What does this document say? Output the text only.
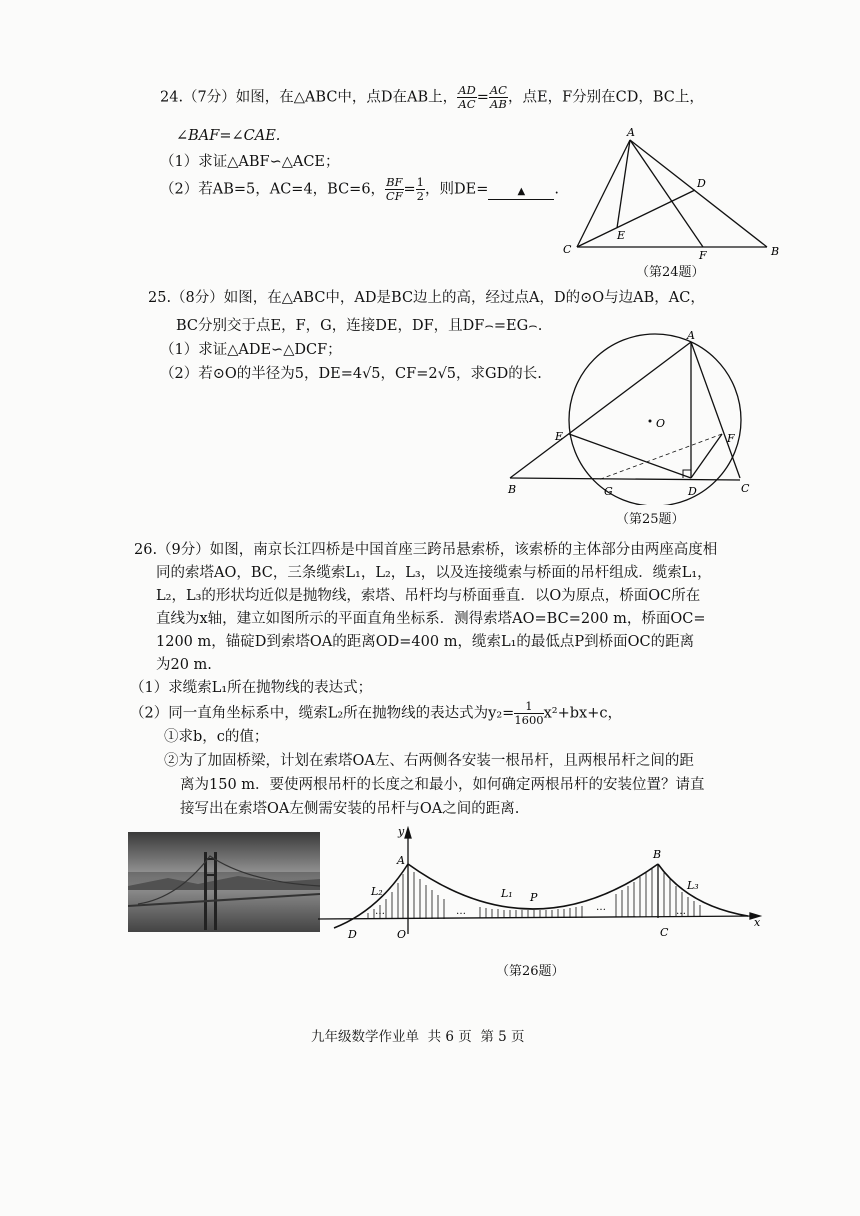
24.（7分）如图，在△ABC中，点D在AB上， $\frac{AD}{AC} = \frac{AC}{AB}$ ，点E，F分别在CD，BC上，
∠BAF=∠CAE.
（1）求证△ABF∽△ACE；
（2）若AB=5，AC=4，BC=6， $\frac{BF}{CF} = \frac{1}{2}$ ，则DE=	▲ .
A
B
C
D
E
F
（第24题）
25.（8分）如图，在△ABC中，AD是BC边上的高，经过点A，D的⊙O与边AB，AC，
BC分别交于点E，F，G，连接DE，DF，且DF⌢=EG⌢.
（1）求证△ADE∽△DCF；
（2）若⊙O的半径为5，DE=4√5，CF=2√5，求GD的长.
A
B	C
D
E	F
G
O
（第25题）
26.（9分）如图，南京长江四桥是中国首座三跨吊悬索桥，该索桥的主体部分由两座高度相
同的索塔AO，BC，三条缆索L₁，L₂，L₃，以及连接缆索与桥面的吊杆组成．缆索L₁，
L₂，L₃的形状均近似是抛物线，索塔、吊杆均与桥面垂直．以O为原点，桥面OC所在
直线为x轴，建立如图所示的平面直角坐标系．测得索塔AO=BC=200 m，桥面OC=
1200 m，锚碇D到索塔OA的距离OD=400 m，缆索L₁的最低点P到桥面OC的距离
为20 m.
（1）求缆索L₁所在抛物线的表达式；
（2）同一直角坐标系中，缆索L₂所在抛物线的表达式为$y_2= \frac{1}{1600} x^2+bx+c$，
①求b，c的值；
②为了加固桥梁，计划在索塔OA左、右两侧各安装一根吊杆，且两根吊杆之间的距
离为150 m．要使两根吊杆的长度之和最小，如何确定两根吊杆的安装位置？请直
接写出在索塔OA左侧需安装的吊杆与OA之间的距离.
…	…	…
…
y
x
A	B
C
D	O
P
L₁
L₂	L₃
（第26题）
九年级数学作业单  共 6 页  第 5 页
